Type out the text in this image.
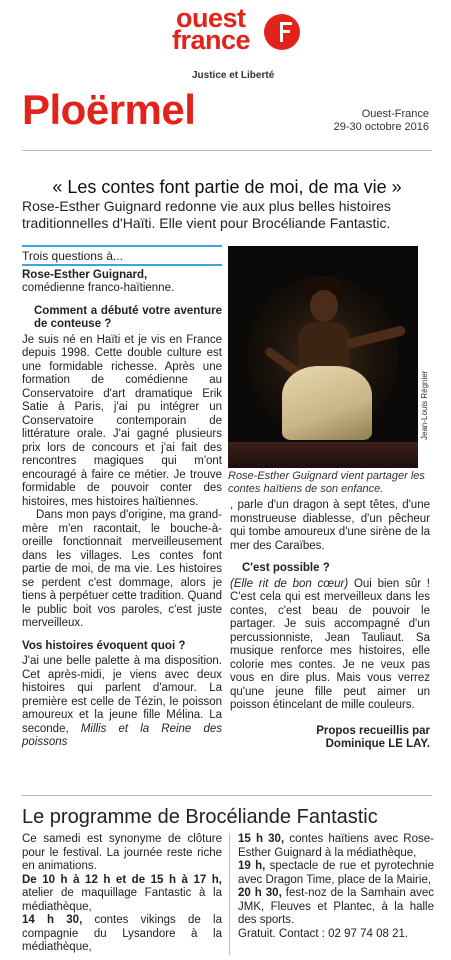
ouest
france
Justice et Liberté
Ploërmel	Ouest-France
29-30 octobre 2016
« Les contes font partie de moi, de ma vie »
Rose-Esther Guignard redonne vie aux plus belles histoires traditionnelles d'Haïti. Elle vient pour Brocéliande Fantastic.

Trois questions à...

Rose-Esther Guignard,

comédienne franco-haïtienne.

Comment a débuté votre aventure de conteuse ?

Je suis né en Haïti et je vis en France depuis 1998. Cette double culture est une formidable richesse. Après une formation de comédienne au Conservatoire d'art dramatique Erik Satie à Paris, j'ai pu intégrer un Conservatoire contemporain de littérature orale. J'ai gagné plusieurs prix lors de concours et j'ai fait des rencontres magiques qui m'ont encouragé à faire ce métier. Je trouve formidable de pouvoir conter des histoires, mes histoires haïtiennes.

Dans mon pays d'origine, ma grand-mère m'en racontait, le bouche-à-oreille fonctionnait merveilleusement dans les villages. Les contes font partie de moi, de ma vie. Les histoires se perdent c'est dommage, alors je tiens à perpétuer cette tradition. Quand le public boit vos paroles, c'est juste merveilleux.

Vos histoires évoquent quoi ?

J'ai une belle palette à ma disposition. Cet après-midi, je viens avec deux histoires qui parlent d'amour. La première est celle de Tézin, le poisson amoureux et la jeune fille Mélina. La seconde, Millis et la Reine des poissons

Jean-Louis Régnier
Rose-Esther Guignard vient partager les contes haïtiens de son enfance.

, parle d'un dragon à sept têtes, d'une monstrueuse diablesse, d'un pêcheur qui tombe amoureux d'une sirène de la mer des Caraïbes.

C'est possible ?

(Elle rit de bon cœur) Oui bien sûr ! C'est cela qui est merveilleux dans les contes, c'est beau de pouvoir le partager. Je suis accompagné d'un percussionniste, Jean Tauliaut. Sa musique renforce mes histoires, elle colorie mes contes. Je ne veux pas vous en dire plus. Mais vous verrez qu'une jeune fille peut aimer un poisson étincelant de mille couleurs.

Propos recueillis par
Dominique LE LAY.

Le programme de Brocéliande Fantastic

Ce samedi est synonyme de clôture pour le festival. La journée reste riche en animations.

De 10 h à 12 h et de 15 h à 17 h, atelier de maquillage Fantastic à la médiathèque,

14 h 30, contes vikings de la compagnie du Lysandore à la médiathèque,

15 h 30, contes haïtiens avec Rose-Esther Guignard à la médiathèque,

19 h, spectacle de rue et pyrotechnie avec Dragon Time, place de la Mairie,

20 h 30, fest-noz de la Samhain avec JMK, Fleuves et Plantec, à la halle des sports.

Gratuit. Contact : 02 97 74 08 21.
